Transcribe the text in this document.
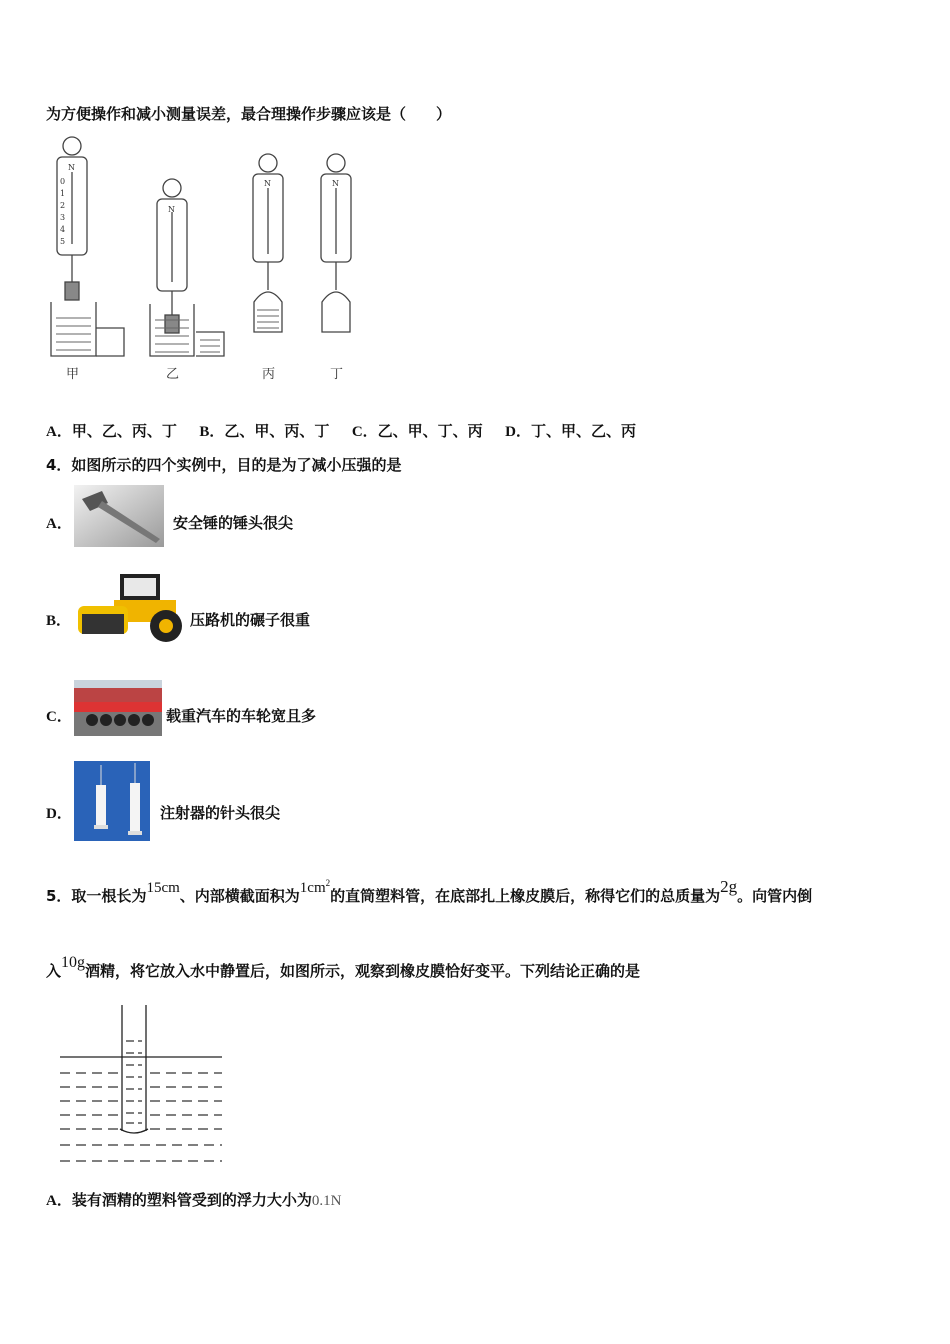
为方便操作和减小测量误差，最合理操作步骤应该是（　　）
N
N
N	N
0
1
2
3
4
5
甲	乙	丙	丁
A．甲、乙、丙、丁 B．乙、甲、丙、丁 C．乙、甲、丁、丙 D．丁、甲、乙、丙
4．如图所示的四个实例中，目的是为了减小压强的是
A．	安全锤的锤头很尖
B．	压路机的碾子很重
C．	载重汽车的车轮宽且多
D．	注射器的针头很尖
5．取一根长为15cm、内部横截面积为$1cm^2$的直筒塑料管，在底部扎上橡皮膜后，称得它们的总质量为2g。向管内倒
入10g酒精，将它放入水中静置后，如图所示，观察到橡皮膜恰好变平。下列结论正确的是
A．装有酒精的塑料管受到的浮力大小为0.1N
